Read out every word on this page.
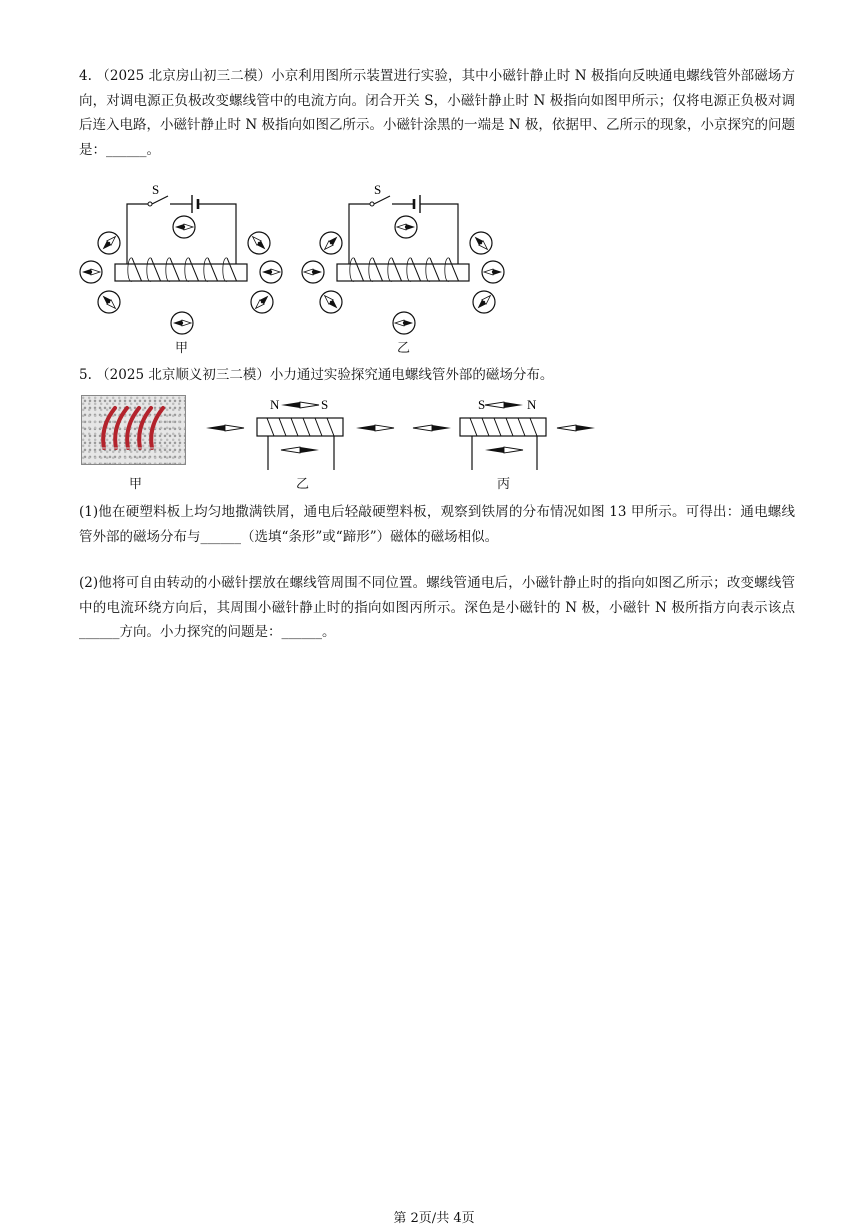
4. （2025 北京房山初三二模）小京利用图所示装置进行实验，其中小磁针静止时 N 极指向反映通电螺线管外部磁场方向，对调电源正负极改变螺线管中的电流方向。闭合开关 S，小磁针静止时 N 极指向如图甲所示；仅将电源正负极对调后连入电路，小磁针静止时 N 极指向如图乙所示。小磁针涂黑的一端是 N 极，依据甲、乙所示的现象，小京探究的问题是：______。

S	S
甲	乙

5. （2025 北京顺义初三二模）小力通过实验探究通电螺线管外部的磁场分布。

N	S	S	N
甲	乙	丙

(1)他在硬塑料板上均匀地撒满铁屑，通电后轻敲硬塑料板，观察到铁屑的分布情况如图 13 甲所示。可得出：通电螺线管外部的磁场分布与______（选填“条形”或“蹄形”）磁体的磁场相似。

(2)他将可自由转动的小磁针摆放在螺线管周围不同位置。螺线管通电后，小磁针静止时的指向如图乙所示；改变螺线管中的电流环绕方向后，其周围小磁针静止时的指向如图丙所示。深色是小磁针的 N 极，小磁针 N 极所指方向表示该点______方向。小力探究的问题是：______。

第 2页/共 4页
